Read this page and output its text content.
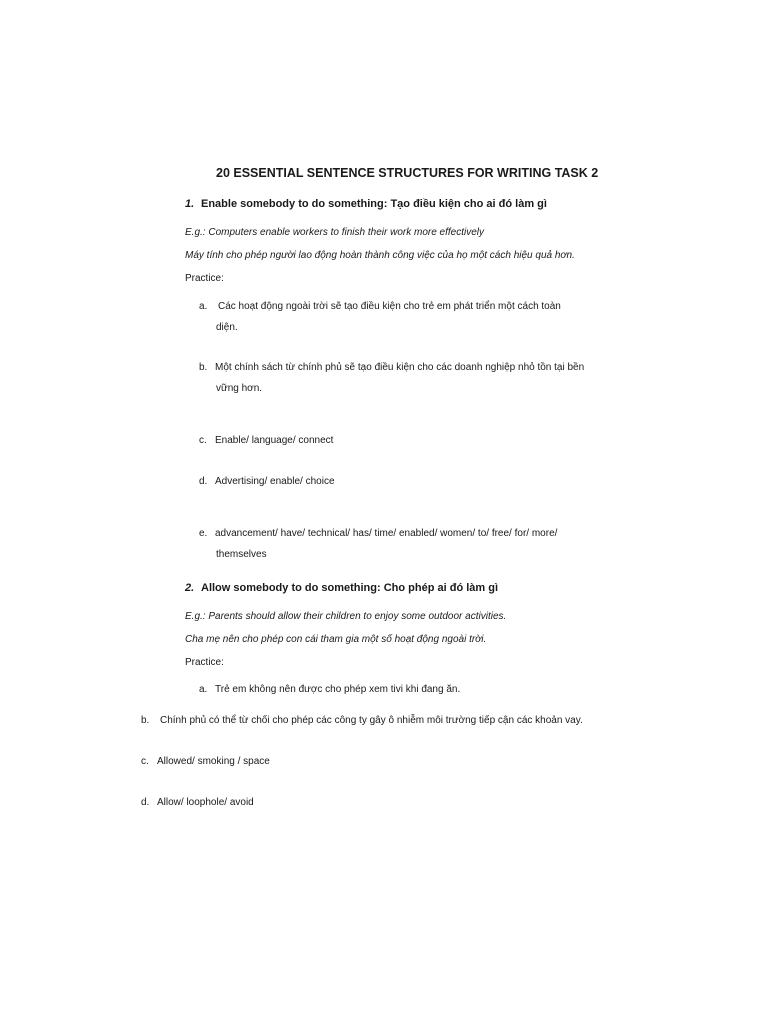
20 ESSENTIAL SENTENCE STRUCTURES FOR WRITING TASK 2
1. Enable somebody to do something: Tạo điều kiện cho ai đó làm gì
E.g.: Computers enable workers to finish their work more effectively
Máy tính cho phép người lao động hoàn thành công việc của họ một cách hiệu quả hơn.
Practice:
a. Các hoạt động ngoài trời sẽ tạo điều kiện cho trẻ em phát triển một cách toàn
diện.
b. Một chính sách từ chính phủ sẽ tạo điều kiện cho các doanh nghiệp nhỏ tồn tại bền
vững hơn.
c. Enable/ language/ connect
d. Advertising/ enable/ choice
e. advancement/ have/ technical/ has/ time/ enabled/ women/ to/ free/ for/ more/
themselves
2. Allow somebody to do something: Cho phép ai đó làm gì
E.g.: Parents should allow their children to enjoy some outdoor activities.
Cha mẹ nên cho phép con cái tham gia một số hoạt động ngoài trời.
Practice:
a. Trẻ em không nên được cho phép xem tivi khi đang ăn.
b. Chính phủ có thể từ chối cho phép các công ty gây ô nhiễm môi trường tiếp cận các khoản vay.
c. Allowed/ smoking / space
d. Allow/ loophole/ avoid
